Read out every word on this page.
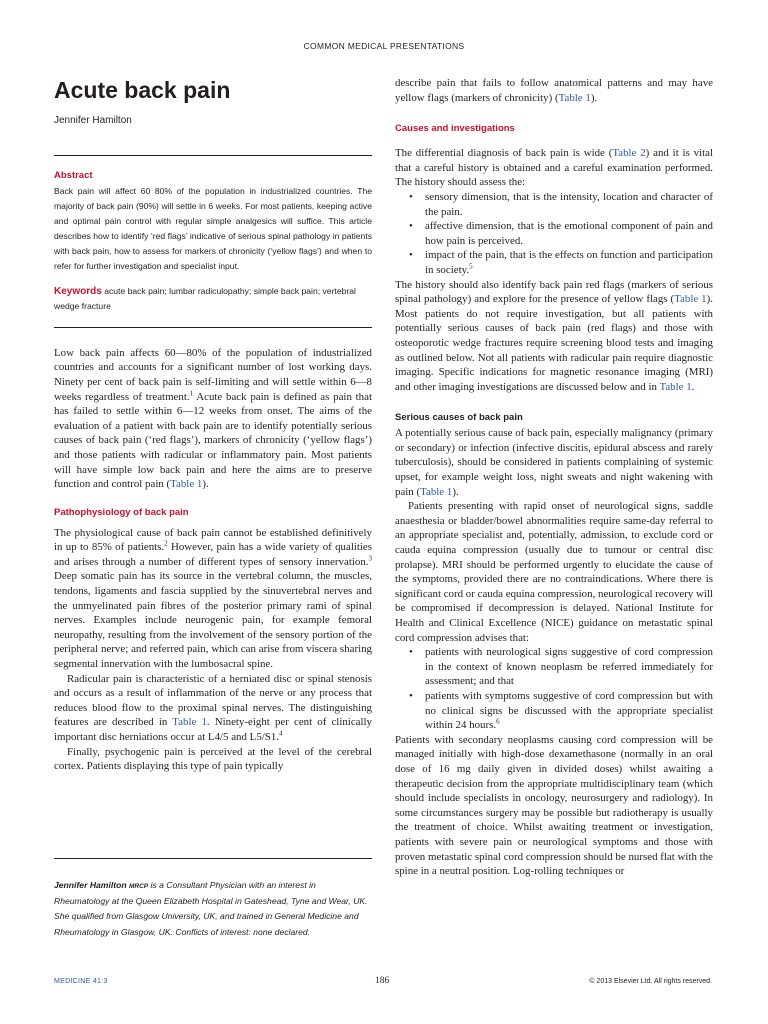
COMMON MEDICAL PRESENTATIONS
Acute back pain
Jennifer Hamilton
Abstract
Back pain will affect 60 80% of the population in industrialized countries. The majority of back pain (90%) will settle in 6 weeks. For most patients, keeping active and optimal pain control with regular simple analgesics will suffice. This article describes how to identify ‘red flags’ indicative of serious spinal pathology in patients with back pain, how to assess for markers of chronicity (‘yellow flags’) and when to refer for further investigation and specialist input.
Keywords acute back pain; lumbar radiculopathy; simple back pain; vertebral wedge fracture

Low back pain affects 60—80% of the population of industrialized countries and accounts for a significant number of lost working days. Ninety per cent of back pain is self-limiting and will settle within 6—8 weeks regardless of treatment.$^1$ Acute back pain is defined as pain that has failed to settle within 6—12 weeks from onset. The aims of the evaluation of a patient with back pain are to identify potentially serious causes of back pain (‘red flags’), markers of chronicity (‘yellow flags’) and those patients with radicular or inflammatory pain. Most patients will have simple low back pain and here the aims are to preserve function and control pain (Table 1).

Pathophysiology of back pain

The physiological cause of back pain cannot be established definitively in up to 85% of patients.$^2$ However, pain has a wide variety of qualities and arises through a number of different types of sensory innervation.$^3$ Deep somatic pain has its source in the vertebral column, the muscles, tendons, ligaments and fascia supplied by the sinuvertebral nerves and the unmyelinated pain fibres of the posterior primary rami of spinal nerves. Examples include neurogenic pain, for example femoral neuropathy, resulting from the involvement of the sensory portion of the peripheral nerve; and referred pain, which can arise from viscera sharing segmental innervation with the lumbosacral spine.

Radicular pain is characteristic of a herniated disc or spinal stenosis and occurs as a result of inflammation of the nerve or any process that reduces blood flow to the proximal spinal nerves. The distinguishing features are described in Table 1. Ninety-eight per cent of clinically important disc herniations occur at L4/5 and L5/S1.$^4$

Finally, psychogenic pain is perceived at the level of the cerebral cortex. Patients displaying this type of pain typically

describe pain that fails to follow anatomical patterns and may have yellow flags (markers of chronicity) (Table 1).

Causes and investigations

The differential diagnosis of back pain is wide (Table 2) and it is vital that a careful history is obtained and a careful examination performed. The history should assess the:

• sensory dimension, that is the intensity, location and character of the pain.
• affective dimension, that is the emotional component of pain and how pain is perceived.
• impact of the pain, that is the effects on function and participation in society.$^5$

The history should also identify back pain red flags (markers of serious spinal pathology) and explore for the presence of yellow flags (Table 1). Most patients do not require investigation, but all patients with potentially serious causes of back pain (red flags) and those with osteoporotic wedge fractures require screening blood tests and imaging as outlined below. Not all patients with radicular pain require diagnostic imaging. Specific indications for magnetic resonance imaging (MRI) and other imaging investigations are discussed below and in Table 1.

Serious causes of back pain

A potentially serious cause of back pain, especially malignancy (primary or secondary) or infection (infective discitis, epidural abscess and rarely tuberculosis), should be considered in patients complaining of systemic upset, for example weight loss, night sweats and night wakening with pain (Table 1).

Patients presenting with rapid onset of neurological signs, saddle anaesthesia or bladder/bowel abnormalities require same-day referral to an appropriate specialist and, potentially, admission, to exclude cord or cauda equina compression (usually due to tumour or central disc prolapse). MRI should be performed urgently to elucidate the cause of the symptoms, provided there are no contraindications. Where there is significant cord or cauda equina compression, neurological recovery will be compromised if decompression is delayed. National Institute for Health and Clinical Excellence (NICE) guidance on metastatic spinal cord compression advises that:

• patients with neurological signs suggestive of cord compression in the context of known neoplasm be referred immediately for assessment; and that
• patients with symptoms suggestive of cord compression but with no clinical signs be discussed with the appropriate specialist within 24 hours.$^6$

Patients with secondary neoplasms causing cord compression will be managed initially with high-dose dexamethasone (normally in an oral dose of 16 mg daily given in divided doses) whilst awaiting a therapeutic decision from the appropriate multidisciplinary team (which should include specialists in oncology, neurosurgery and radiology). In some circumstances surgery may be possible but radiotherapy is usually the treatment of choice. Whilst awaiting treatment or investigation, patients with severe pain or neurological symptoms and those with proven metastatic spinal cord compression should be nursed flat with the spine in a neutral position. Log-rolling techniques or

Jennifer Hamilton MRCP is a Consultant Physician with an interest in Rheumatology at the Queen Elizabeth Hospital in Gateshead, Tyne and Wear, UK. She qualified from Glasgow University, UK, and trained in General Medicine and Rheumatology in Glasgow, UK. Conflicts of interest: none declared.
MEDICINE 41:3	186	© 2013 Elsevier Ltd. All rights reserved.
